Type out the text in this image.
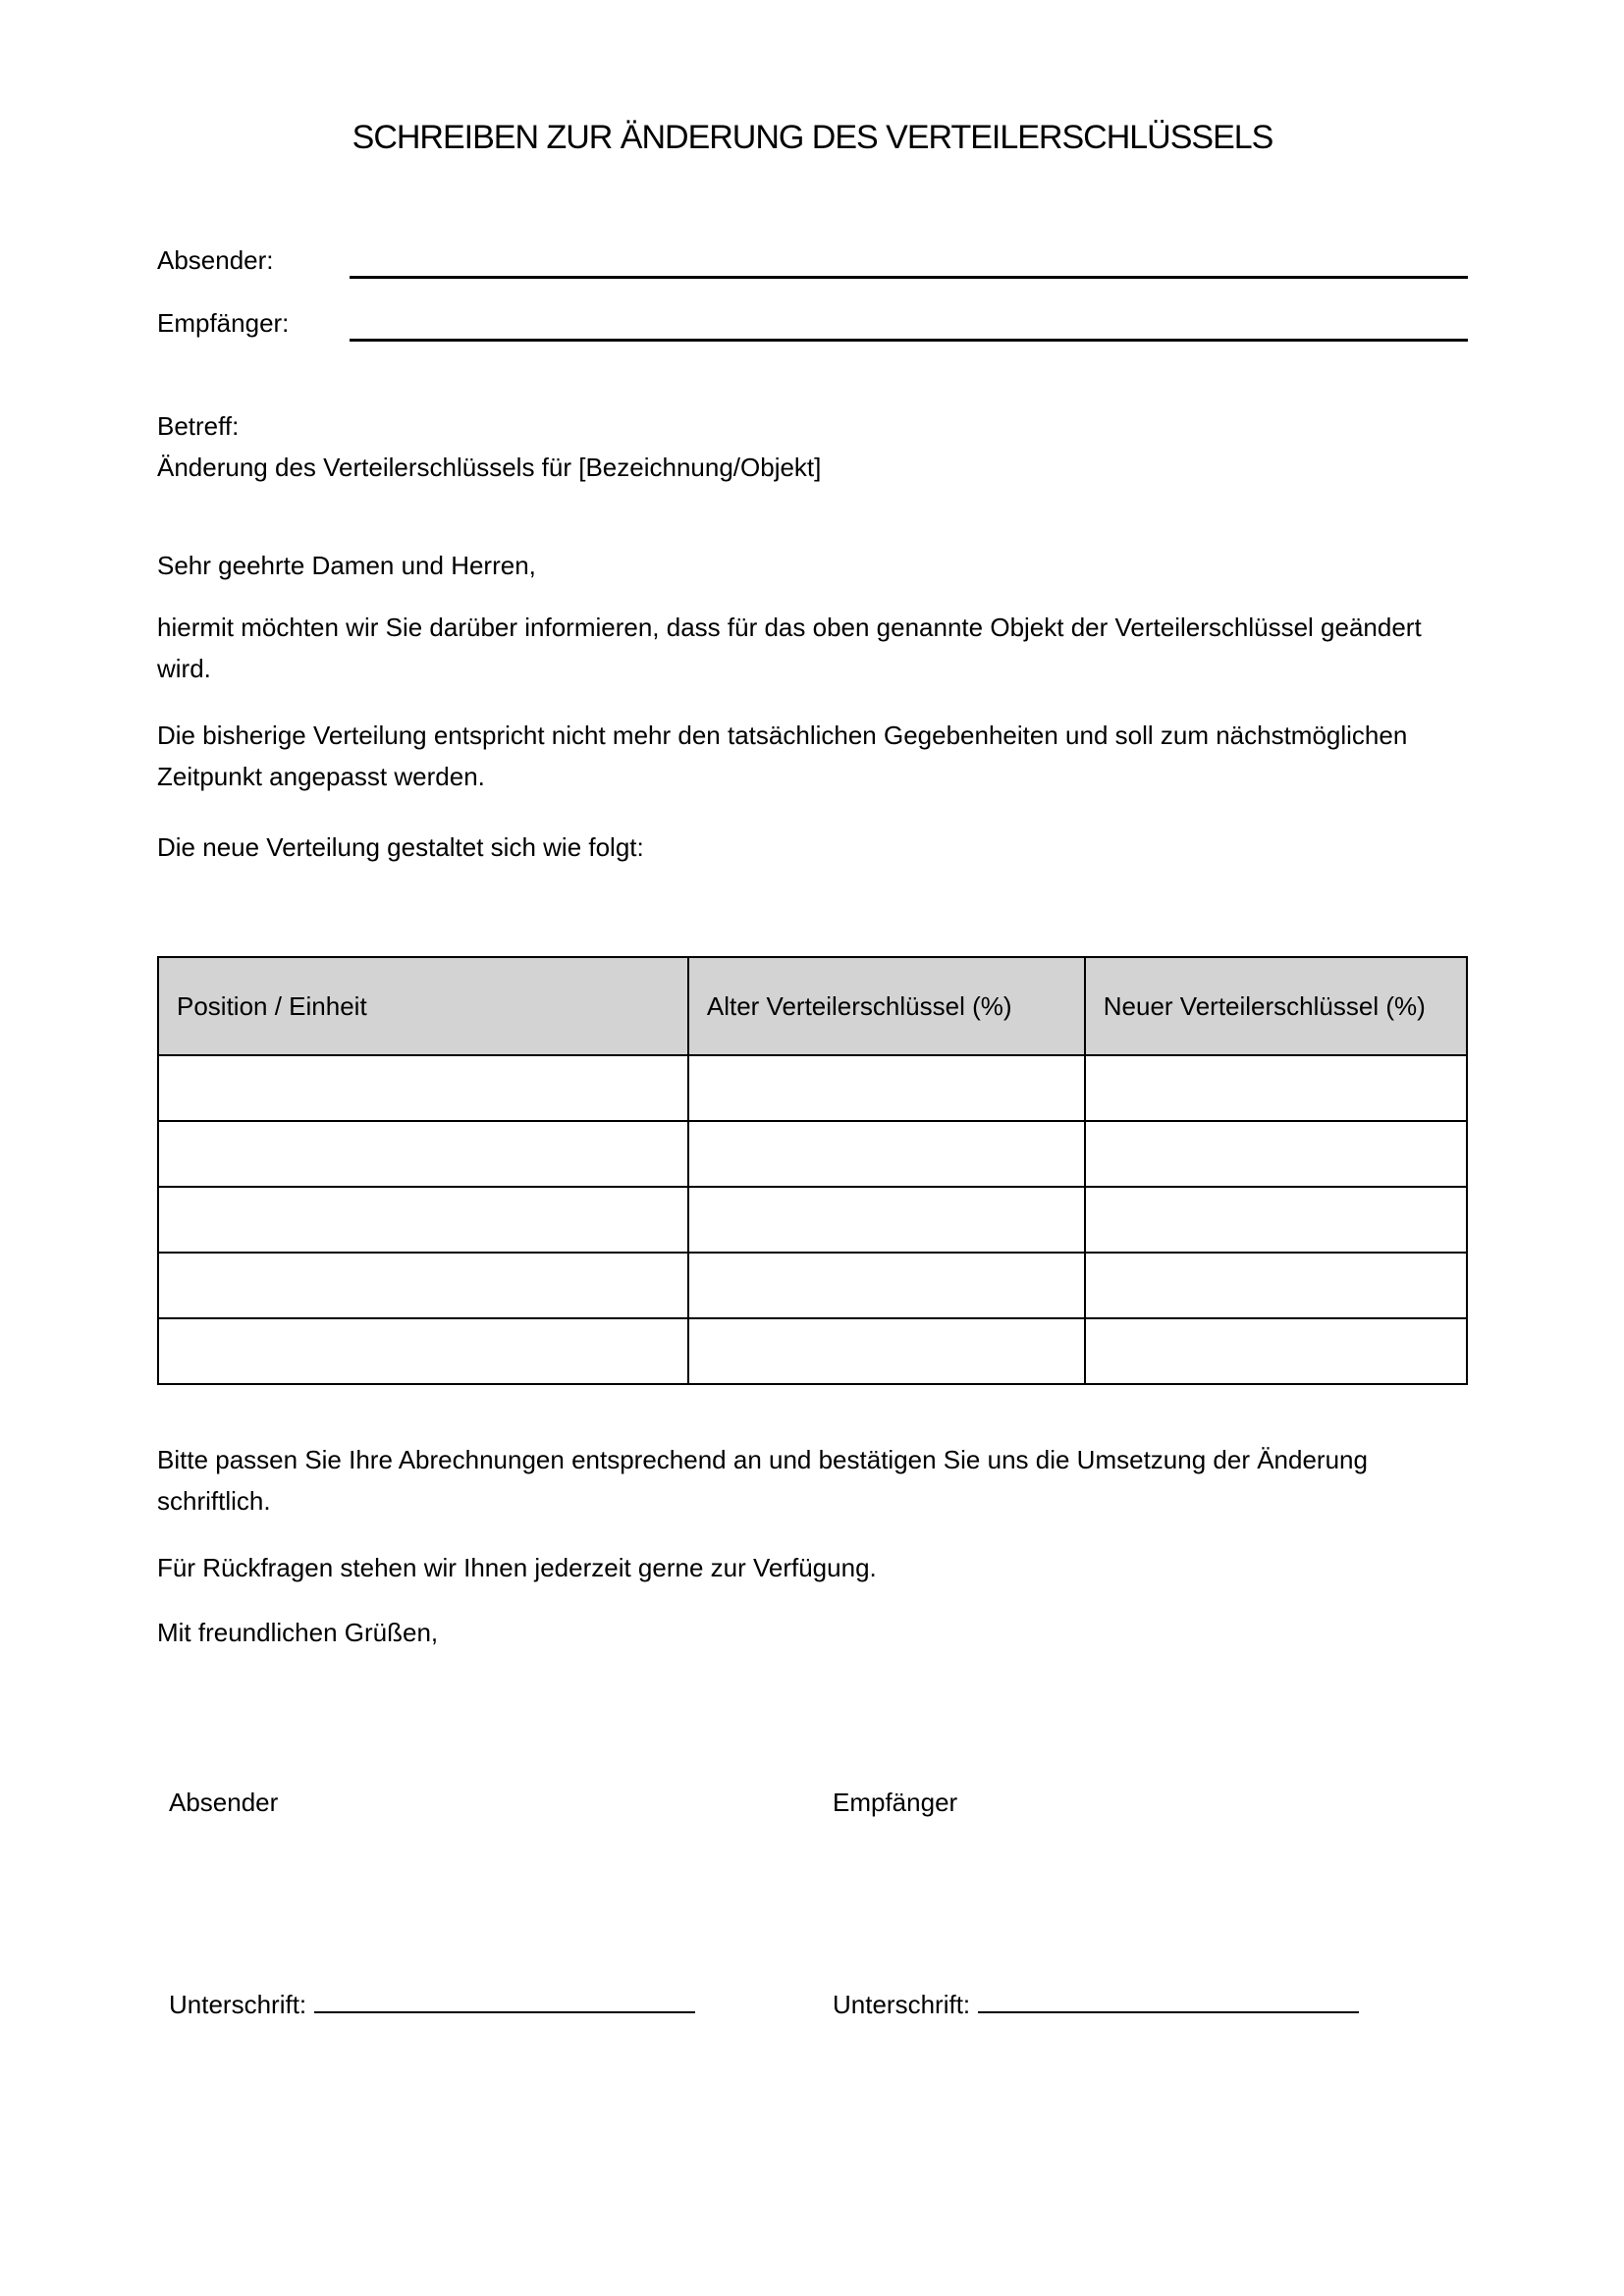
SCHREIBEN ZUR ÄNDERUNG DES VERTEILERSCHLÜSSELS
Absender:
Empfänger:
Betreff:
Änderung des Verteilerschlüssels für [Bezeichnung/Objekt]

Sehr geehrte Damen und Herren,

hiermit möchten wir Sie darüber informieren, dass für das oben genannte Objekt der Verteilerschlüssel geändert wird.

Die bisherige Verteilung entspricht nicht mehr den tatsächlichen Gegebenheiten und soll zum nächstmöglichen Zeitpunkt angepasst werden.

Die neue Verteilung gestaltet sich wie folgt:

Position / Einheit	Alter Verteilerschlüssel (%)	Neuer Verteilerschlüssel (%)

Bitte passen Sie Ihre Abrechnungen entsprechend an und bestätigen Sie uns die Umsetzung der Änderung schriftlich.

Für Rückfragen stehen wir Ihnen jederzeit gerne zur Verfügung.

Mit freundlichen Grüßen,

Absender	Empfänger
Unterschrift:	Unterschrift:
